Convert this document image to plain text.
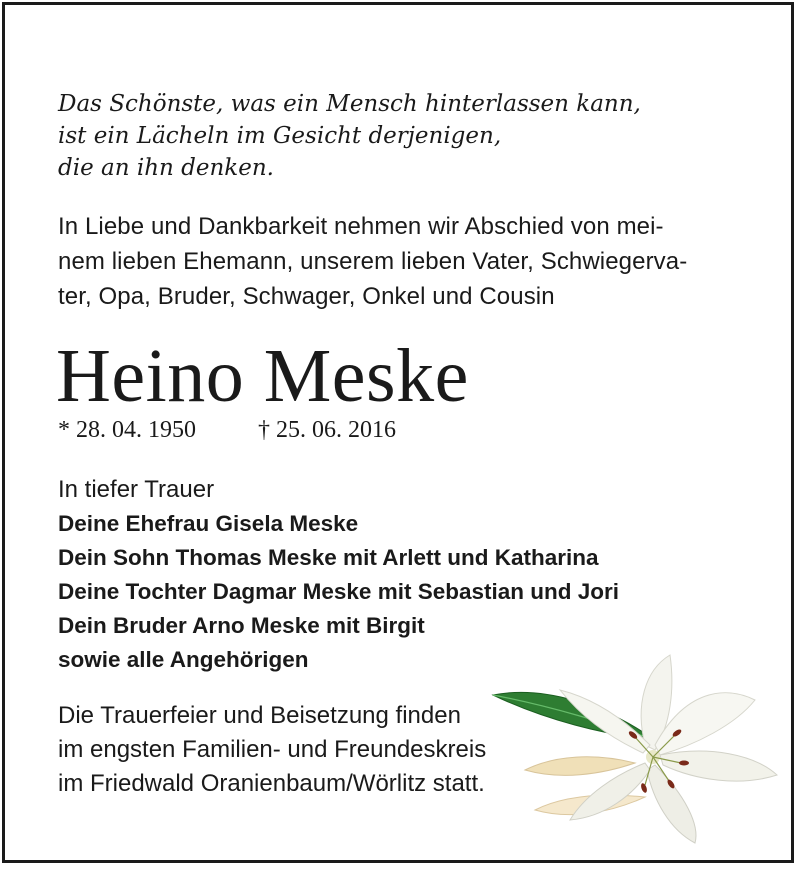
Das Schönste, was ein Mensch hinterlassen kann,
ist ein Lächeln im Gesicht derjenigen,
die an ihn denken.
In Liebe und Dankbarkeit nehmen wir Abschied von mei-
nem lieben Ehemann, unserem lieben Vater, Schwiegerva-
ter, Opa, Bruder, Schwager, Onkel und Cousin
Heino Meske
* 28. 04. 1950	† 25. 06. 2016
In tiefer Trauer
Deine Ehefrau Gisela Meske
Dein Sohn Thomas Meske mit Arlett und Katharina
Deine Tochter Dagmar Meske mit Sebastian und Jori
Dein Bruder Arno Meske mit Birgit
sowie alle Angehörigen
Die Trauerfeier und Beisetzung finden
im engsten Familien- und Freundeskreis
im Friedwald Oranienbaum/Wörlitz statt.
